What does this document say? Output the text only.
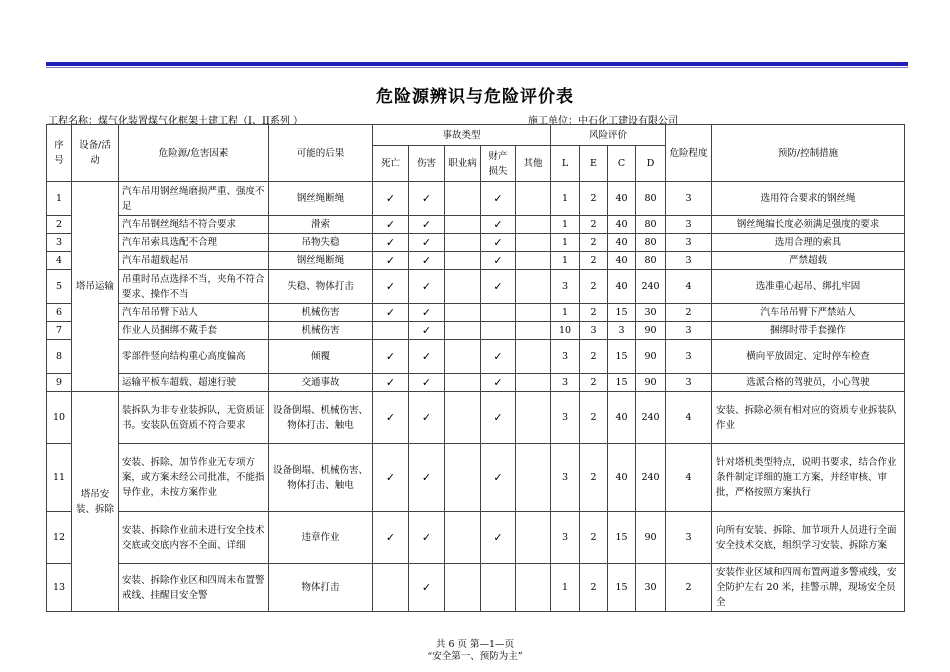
危险源辨识与危险评价表
工程名称：煤气化装置煤气化框架土建工程（I、II系列 ）	施工单位：中石化工建设有限公司
序号	设备/活动	危险源/危害因素	可能的后果	事故类型					风险评价				危险程度	预防/控制措施
				死亡	伤害	职业病	财产损失	其他	L	E	C	D		
1	塔吊运输	汽车吊用钢丝绳磨损严重、强度不足	钢丝绳断绳	✓	✓		✓		1	2	40	80	3	选用符合要求的钢丝绳
2		汽车吊钢丝绳结不符合要求	滑索	✓	✓		✓		1	2	40	80	3	钢丝绳编长度必须满足强度的要求
3		汽车吊索具选配不合理	吊物失稳	✓	✓		✓		1	2	40	80	3	选用合理的索具
4		汽车吊超载起吊	钢丝绳断绳	✓	✓		✓		1	2	40	80	3	严禁超载
5		吊重时吊点选择不当，夹角不符合要求、操作不当	失稳、物体打击	✓	✓		✓		3	2	40	240	4	选准重心起吊、绑扎牢固
6		汽车吊吊臂下站人	机械伤害	✓	✓				1	2	15	30	2	汽车吊吊臂下严禁站人
7		作业人员捆绑不戴手套	机械伤害		✓				10	3	3	90	3	捆绑时带手套操作
8		零部件竖向结构重心高度偏高	倾覆	✓	✓		✓		3	2	15	90	3	横向平放固定、定时停车检查
9		运输平板车超载、超速行驶	交通事故	✓	✓		✓		3	2	15	90	3	选派合格的驾驶员，小心驾驶
10	塔吊安装、拆除	装拆队为非专业装拆队，无资质证书。安装队伍资质不符合要求	设备倒塌、机械伤害、物体打击、触电	✓	✓		✓		3	2	40	240	4	安装、拆除必须有相对应的资质专业拆装队作业
11		安装、拆除、加节作业无专项方案，或方案未经公司批准，不能指导作业，未按方案作业	设备倒塌、机械伤害、物体打击、触电	✓	✓		✓		3	2	40	240	4	针对塔机类型特点，说明书要求，结合作业条件制定详细的施工方案，并经审核、审批，严格按照方案执行
12		安装、拆除作业前未进行安全技术交底或交底内容不全面、详细	违章作业	✓	✓		✓		3	2	15	90	3	向所有安装、拆除、加节项升人员进行全面安全技术交底，组织学习安装、拆除方案
13		安装、拆除作业区和四周未布置警戒线、挂醒目安全警	物体打击		✓				1	2	15	30	2	安装作业区域和四周布置两道多警戒线，安全防护左右 20 米，挂警示牌，现场安全员全
共 6 页 第—1—页
“安全第一、预防为主”
